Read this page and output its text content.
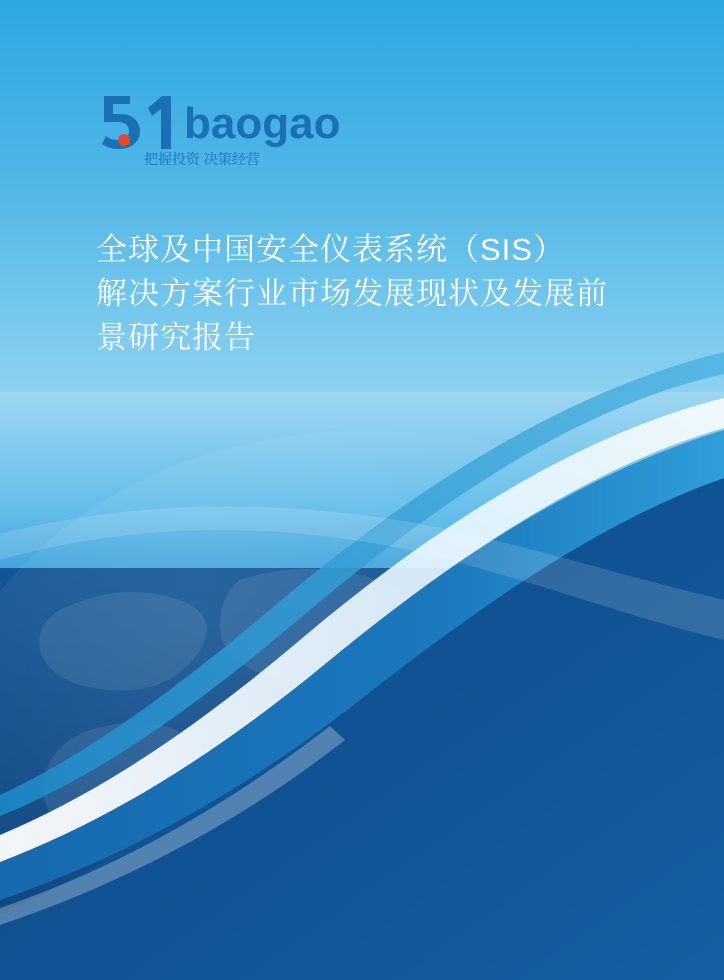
baogao
把握投资 决策经营
全球及中国安全仪表系统（SIS）
解决方案行业市场发展现状及发展前
景研究报告
